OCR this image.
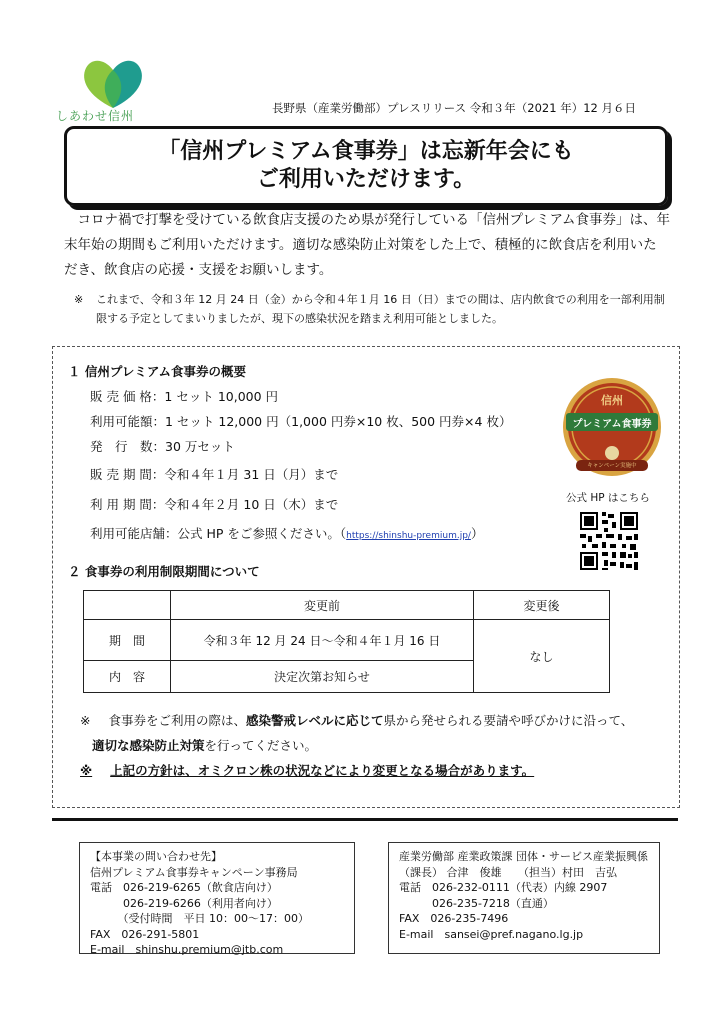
しあわせ信州
長野県（産業労働部）プレスリリース 令和３年（2021 年）12 月６日
「信州プレミアム食事券」は忘新年会にも
ご利用いただけます。
コロナ禍で打撃を受けている飲食店支援のため県が発行している「信州プレミアム食事券」は、年末年始の期間もご利用いただけます。適切な感染防止対策をした上で、積極的に飲食店を利用いただき、飲食店の応援・支援をお願いします。
※	これまで、令和３年 12 月 24 日（金）から令和４年１月 16 日（日）までの間は、店内飲食での利用を一部利用制限する予定としてまいりましたが、現下の感染状況を踏まえ利用可能としました。
１ 信州プレミアム食事券の概要
販 売 価 格：1 セット 10,000 円
利用可能額：1 セット 12,000 円（1,000 円券×10 枚、500 円券×4 枚）
発　行　数：30 万セット
販 売 期 間：令和４年１月 31 日（月）まで
利 用 期 間：令和４年２月 10 日（木）まで
利用可能店舗：公式 HP をご参照ください。（https://shinshu-premium.jp/）
信州
プレミアム食事券
キャンペーン実施中
公式 HP はこちら
２ 食事券の利用制限期間について
	変更前	変更後
期　間	令和３年 12 月 24 日～令和４年１月 16 日	なし
内　容	決定次第お知らせ	
※ 食事券をご利用の際は、感染警戒レベルに応じて県から発せられる要請や呼びかけに沿って、
適切な感染防止対策を行ってください。
※ 上記の方針は、オミクロン株の状況などにより変更となる場合があります。
【本事業の問い合わせ先】
信州プレミアム食事券キャンペーン事務局
電話　026-219-6265（飲食店向け）
　　　026-219-6266（利用者向け）
　　　（受付時間　平日 10：00～17：00）
FAX　026-291-5801
E-mail　shinshu.premium@jtb.com
産業労働部 産業政策課 団体・サービス産業振興係
（課長） 合津　俊雄　　（担当）村田　吉弘
電話　026-232-0111（代表）内線 2907
　　　026-235-7218（直通）
FAX　026-235-7496
E-mail　sansei@pref.nagano.lg.jp
